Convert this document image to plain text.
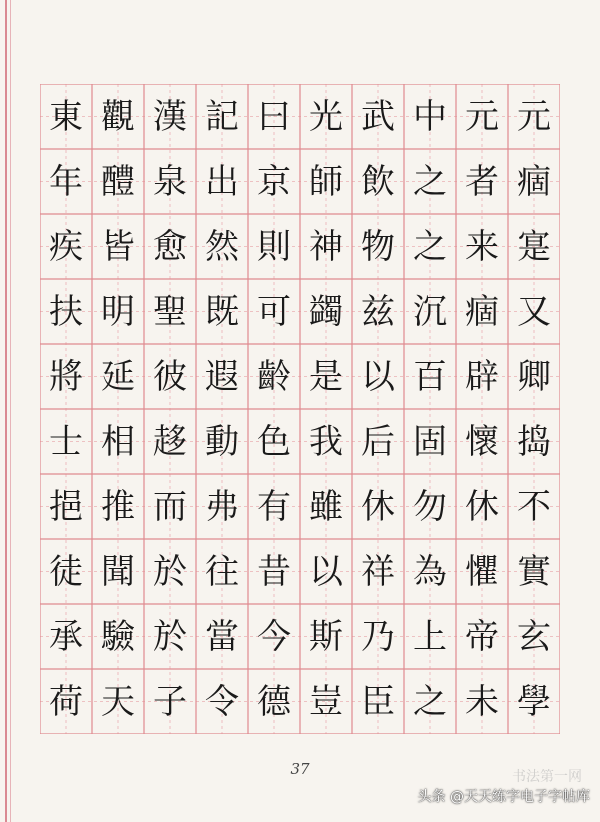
元
痼
寔
又
卿
捣
不
實
玄
學
元
者
来
痼
辟
懷
休
懼
帝
未
中
之
之
沉
百
固
勿
為
上
之
武
飲
物
兹
以
后
休
祥
乃
臣
光
師
神
蠲
是
我
雖
以
斯
豈
曰
京
則
可
齡
色
有
昔
今
德
記
出
然
既
遐
動
弗
往
當
令
漢
泉
愈
聖
彼
趍
而
於
於
子
觀
醴
皆
明
延
相
推
聞
驗
天
東
年
疾
扶
將
士
挹
徒
承
荷
37	书法第一网
头条 @天天练字电子字帖库
